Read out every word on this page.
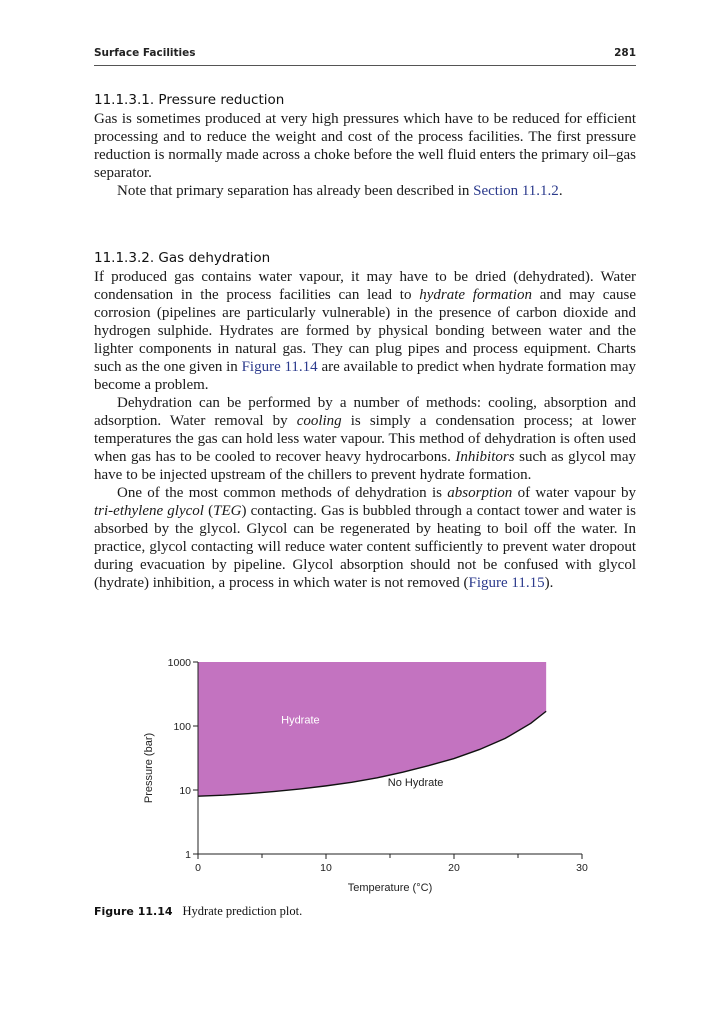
Surface Facilities	281
11.1.3.1. Pressure reduction

Gas is sometimes produced at very high pressures which have to be reduced for efficient processing and to reduce the weight and cost of the process facilities. The first pressure reduction is normally made across a choke before the well fluid enters the primary oil–gas separator.

Note that primary separation has already been described in Section 11.1.2.

11.1.3.2. Gas dehydration

If produced gas contains water vapour, it may have to be dried (dehydrated). Water condensation in the process facilities can lead to hydrate formation and may cause corrosion (pipelines are particularly vulnerable) in the presence of carbon dioxide and hydrogen sulphide. Hydrates are formed by physical bonding between water and the lighter components in natural gas. They can plug pipes and process equipment. Charts such as the one given in Figure 11.14 are available to predict when hydrate formation may become a problem.

Dehydration can be performed by a number of methods: cooling, absorption and adsorption. Water removal by cooling is simply a condensation process; at lower temperatures the gas can hold less water vapour. This method of dehydration is often used when gas has to be cooled to recover heavy hydrocarbons. Inhibitors such as glycol may have to be injected upstream of the chillers to prevent hydrate formation.

One of the most common methods of dehydration is absorption of water vapour by tri-ethylene glycol (TEG) contacting. Gas is bubbled through a contact tower and water is absorbed by the glycol. Glycol can be regenerated by heating to boil off the water. In practice, glycol contacting will reduce water content sufficiently to prevent water dropout during evacuation by pipeline. Glycol absorption should not be confused with glycol (hydrate) inhibition, a process in which water is not removed (Figure 11.15).

1
10
100
1000
0	10	20	30
Temperature (°C)
Pressure (bar)
Hydrate
No Hydrate
Figure 11.14 Hydrate prediction plot.
